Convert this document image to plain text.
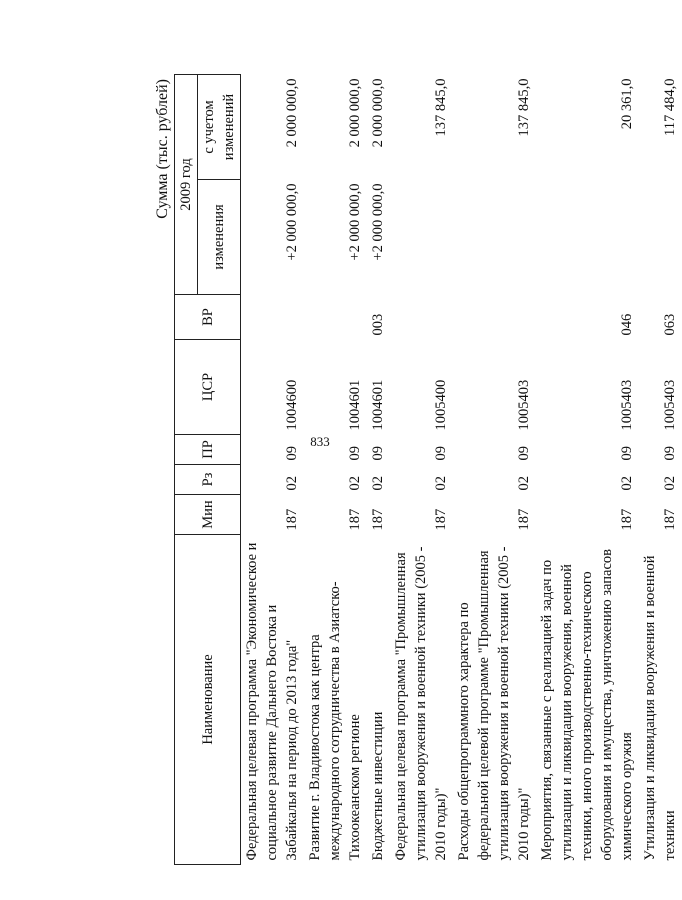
833
Сумма (тыс. рублей)
Наименование	Мин	Рз	ПР	ЦСР	ВР	2009 год	
						изменения	с учетом изменений
Федеральная целевая программа "Экономическое и социальное развитие Дальнего Востока и Забайкалья на период до 2013 года"	187	02	09	1004600		+2 000 000,0	2 000 000,0
Развитие г. Владивостока как центра международного сотрудничества в Азиатско-Тихоокеанском регионе	187	02	09	1004601		+2 000 000,0	2 000 000,0
Бюджетные инвестиции	187	02	09	1004601	003	+2 000 000,0	2 000 000,0
Федеральная целевая программа "Промышленная утилизация вооружения и военной техники (2005 - 2010 годы)"	187	02	09	1005400			137 845,0
Расходы общепрограммного характера по федеральной целевой программе "Промышленная утилизация вооружения и военной техники (2005 - 2010 годы)"	187	02	09	1005403			137 845,0
Мероприятия, связанные с реализацией задач по утилизации и ликвидации вооружения, военной техники, иного производственно-технического оборудования и имущества, уничтожению запасов химического оружия	187	02	09	1005403	046		20 361,0
Утилизация и ликвидация вооружения и военной техники	187	02	09	1005403	063		117 484,0
